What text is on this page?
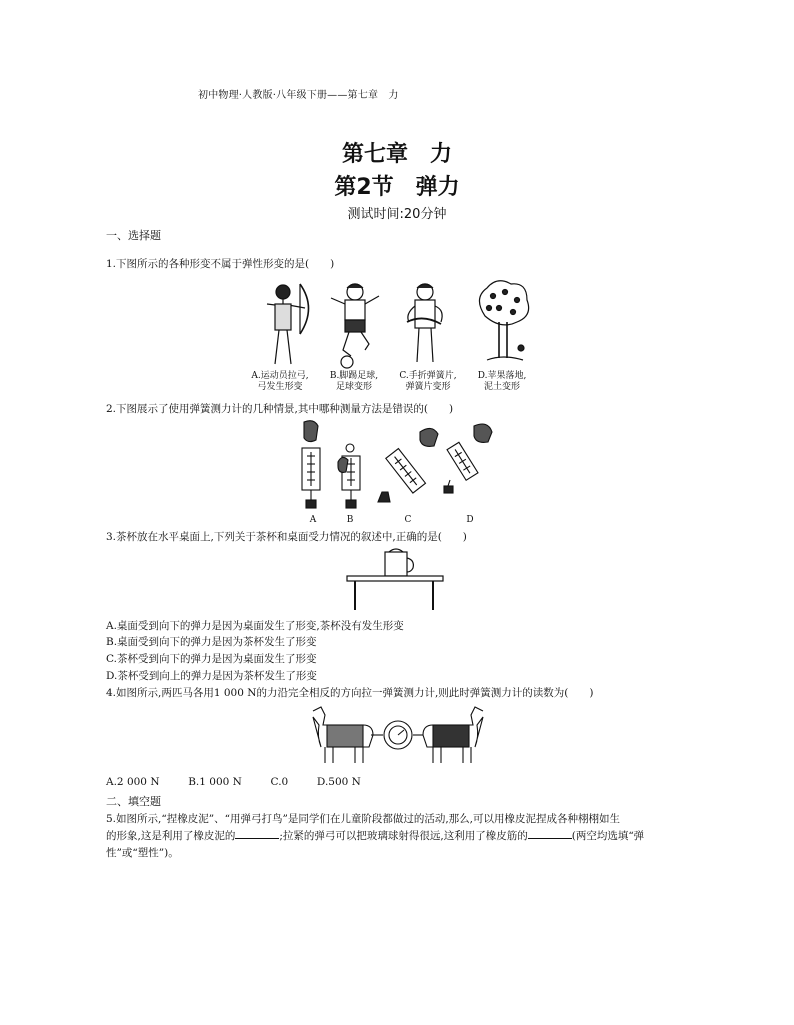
初中物理·人教版·八年级下册——第七章　力
第七章　力
第2节　弹力
测试时间:20分钟
一、选择题
1.下图所示的各种形变不属于弹性形变的是(　　)
A.运动员拉弓,
弓发生形变
B.脚踢足球,
足球变形
C.手折弹簧片,
弹簧片变形
D.苹果落地,
泥土变形
2.下图展示了使用弹簧测力计的几种情景,其中哪种测量方法是错误的(　　)
A	B	C	D
3.茶杯放在水平桌面上,下列关于茶杯和桌面受力情况的叙述中,正确的是(　　)
A.桌面受到向下的弹力是因为桌面发生了形变,茶杯没有发生形变
B.桌面受到向下的弹力是因为茶杯发生了形变
C.茶杯受到向下的弹力是因为桌面发生了形变
D.茶杯受到向上的弹力是因为茶杯发生了形变
4.如图所示,两匹马各用1 000 N的力沿完全相反的方向拉一弹簧测力计,则此时弹簧测力计的读数为(　　)
A.2 000 N	B.1 000 N	C.0	D.500 N
二、填空题
5.如图所示,“捏橡皮泥”、“用弹弓打鸟”是同学们在儿童阶段都做过的活动,那么,可以用橡皮泥捏成各种栩栩如生
的形象,这是利用了橡皮泥的	;拉紧的弹弓可以把玻璃球射得很远,这利用了橡皮筋的	(两空均选填“弹
性”或“塑性”)。
